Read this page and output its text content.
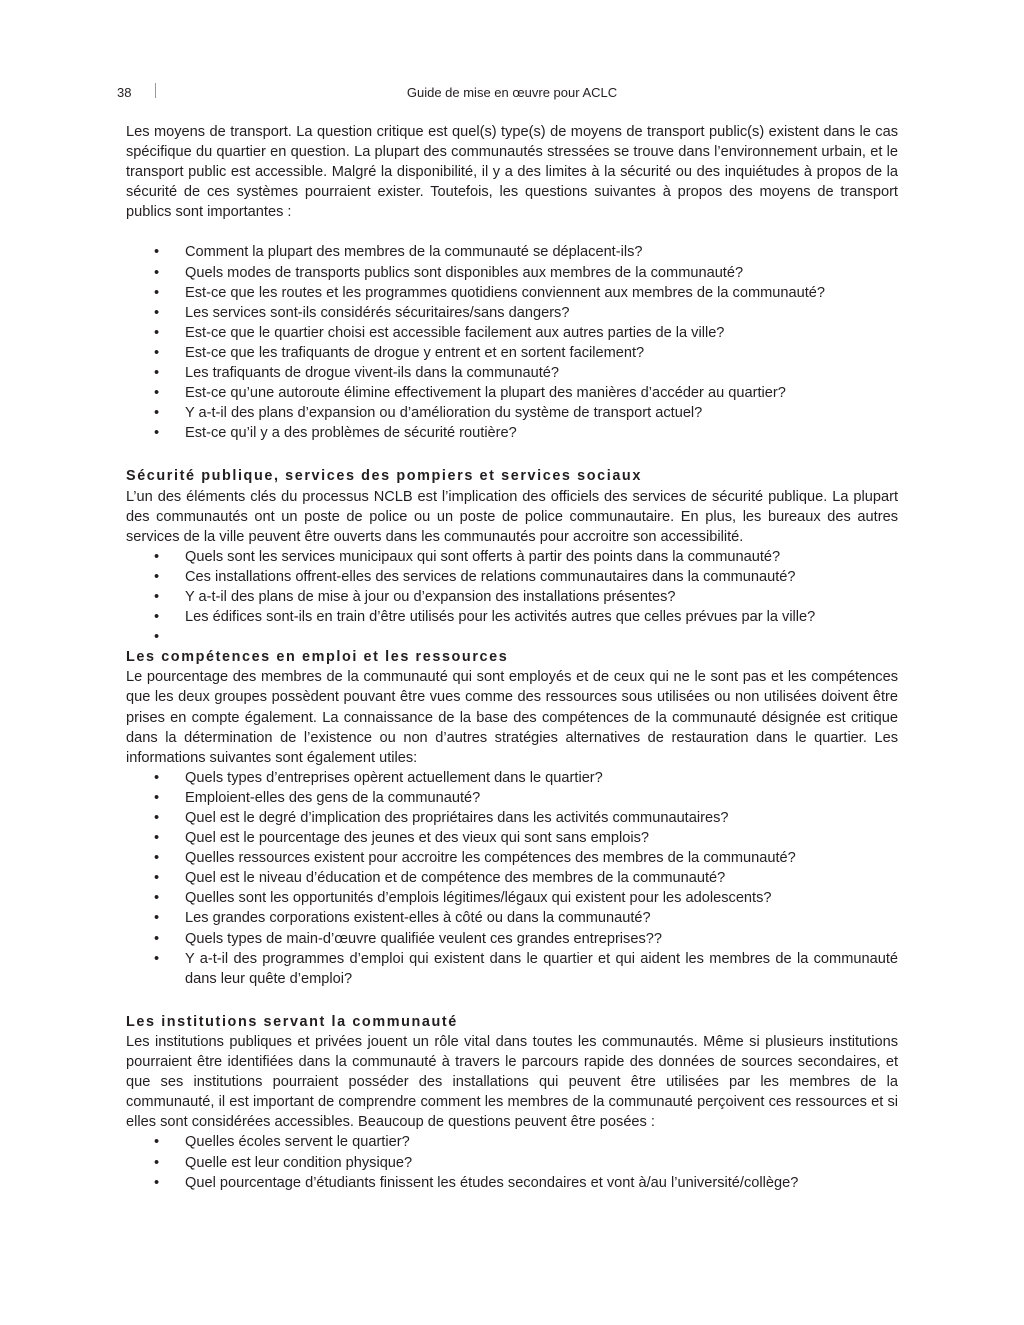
38	Guide de mise en œuvre pour ACLC

Les moyens de transport. La question critique est quel(s) type(s) de moyens de transport public(s) existent dans le cas spécifique du quartier en question. La plupart des communautés stressées se trouve dans l’environnement urbain, et le transport public est accessible. Malgré la disponibilité, il y a des limites à la sécurité ou des inquiétudes à propos de la sécurité de ces systèmes pourraient exister. Toutefois, les questions suivantes à propos des moyens de transport publics sont importantes :

• Comment la plupart des membres de la communauté se déplacent-ils?
• Quels modes de transports publics sont disponibles aux membres de la communauté?
• Est-ce que les routes et les programmes quotidiens conviennent aux membres de la communauté?
• Les services sont-ils considérés sécuritaires/sans dangers?
• Est-ce que le quartier choisi est accessible facilement aux autres parties de la ville?
• Est-ce que les trafiquants de drogue y entrent et en sortent facilement?
• Les trafiquants de drogue vivent-ils dans la communauté?
• Est-ce qu’une autoroute élimine effectivement la plupart des manières d’accéder au quartier?
• Y a-t-il des plans d’expansion ou d’amélioration du système de transport actuel?
• Est-ce qu’il y a des problèmes de sécurité routière?
Sécurité publique, services des pompiers et services sociaux

L’un des éléments clés du processus NCLB est l’implication des officiels des services de sécurité publique. La plupart des communautés ont un poste de police ou un poste de police communautaire. En plus, les bureaux des autres services de la ville peuvent être ouverts dans les communautés pour accroitre son accessibilité.

• Quels sont les services municipaux qui sont offerts à partir des points dans la communauté?
• Ces installations offrent-elles des services de relations communautaires dans la communauté?
• Y a-t-il des plans de mise à jour ou d’expansion des installations présentes?
• Les édifices sont-ils en train d’être utilisés pour les activités autres que celles prévues par la ville?
•
Les compétences en emploi et les ressources

Le pourcentage des membres de la communauté qui sont employés et de ceux qui ne le sont pas et les compétences que les deux groupes possèdent pouvant être vues comme des ressources sous utilisées ou non utilisées doivent être prises en compte également. La connaissance de la base des compétences de la communauté désignée est critique dans la détermination de l’existence ou non d’autres stratégies alternatives de restauration dans le quartier. Les informations suivantes sont également utiles:

• Quels types d’entreprises opèrent actuellement dans le quartier?
• Emploient-elles des gens de la communauté?
• Quel est le degré d’implication des propriétaires dans les activités communautaires?
• Quel est le pourcentage des jeunes et des vieux qui sont sans emplois?
• Quelles ressources existent pour accroitre les compétences des membres de la communauté?
• Quel est le niveau d’éducation et de compétence des membres de la communauté?
• Quelles sont les opportunités d’emplois légitimes/légaux qui existent pour les adolescents?
• Les grandes corporations existent-elles à côté ou dans la communauté?
• Quels types de main-d’œuvre qualifiée veulent ces grandes entreprises??
• Y a-t-il des programmes d’emploi qui existent dans le quartier et qui aident les membres de la communauté dans leur quête d’emploi?
Les institutions servant la communauté

Les institutions publiques et privées jouent un rôle vital dans toutes les communautés. Même si plusieurs institutions pourraient être identifiées dans la communauté à travers le parcours rapide des données de sources secondaires, et que ses institutions pourraient posséder des installations qui peuvent être utilisées par les membres de la communauté, il est important de comprendre comment les membres de la communauté perçoivent ces ressources et si elles sont considérées accessibles. Beaucoup de questions peuvent être posées :

• Quelles écoles servent le quartier?
• Quelle est leur condition physique?
• Quel pourcentage d’étudiants finissent les études secondaires et vont à/au l’université/collège?
